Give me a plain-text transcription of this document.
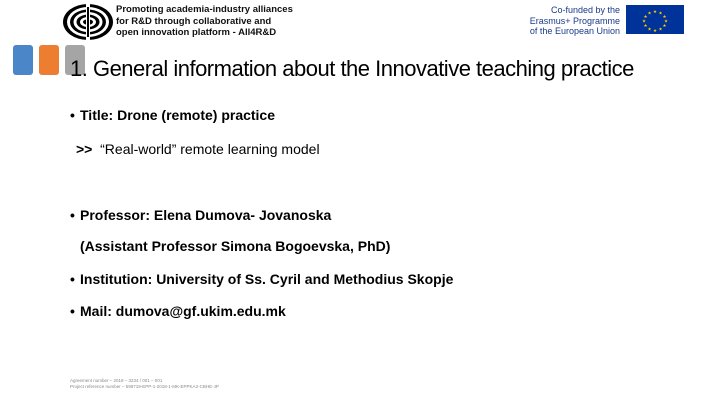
Promoting academia-industry alliances
for R&D through collaborative and
open innovation platform - All4R&D
Co-funded by the
Erasmus+ Programme
of the European Union
★ ★
★
★
★
★
★
★
★
★
★
★
1. General information about the Innovative teaching practice
• Title: Drone (remote) practice
>> “Real-world” remote learning model
• Professor: Elena Dumova- Jovanoska
(Assistant Professor Simona Bogoevska, PhD)
• Institution: University of Ss. Cyril and Methodius Skopje
• Mail: dumova@gf.ukim.edu.mk
Agreement number – 2018 – 3234 / 001 – 001
Project reference number – 598719-EPP-1-2018-1-MK-EPPKA2-CBHE-JP
